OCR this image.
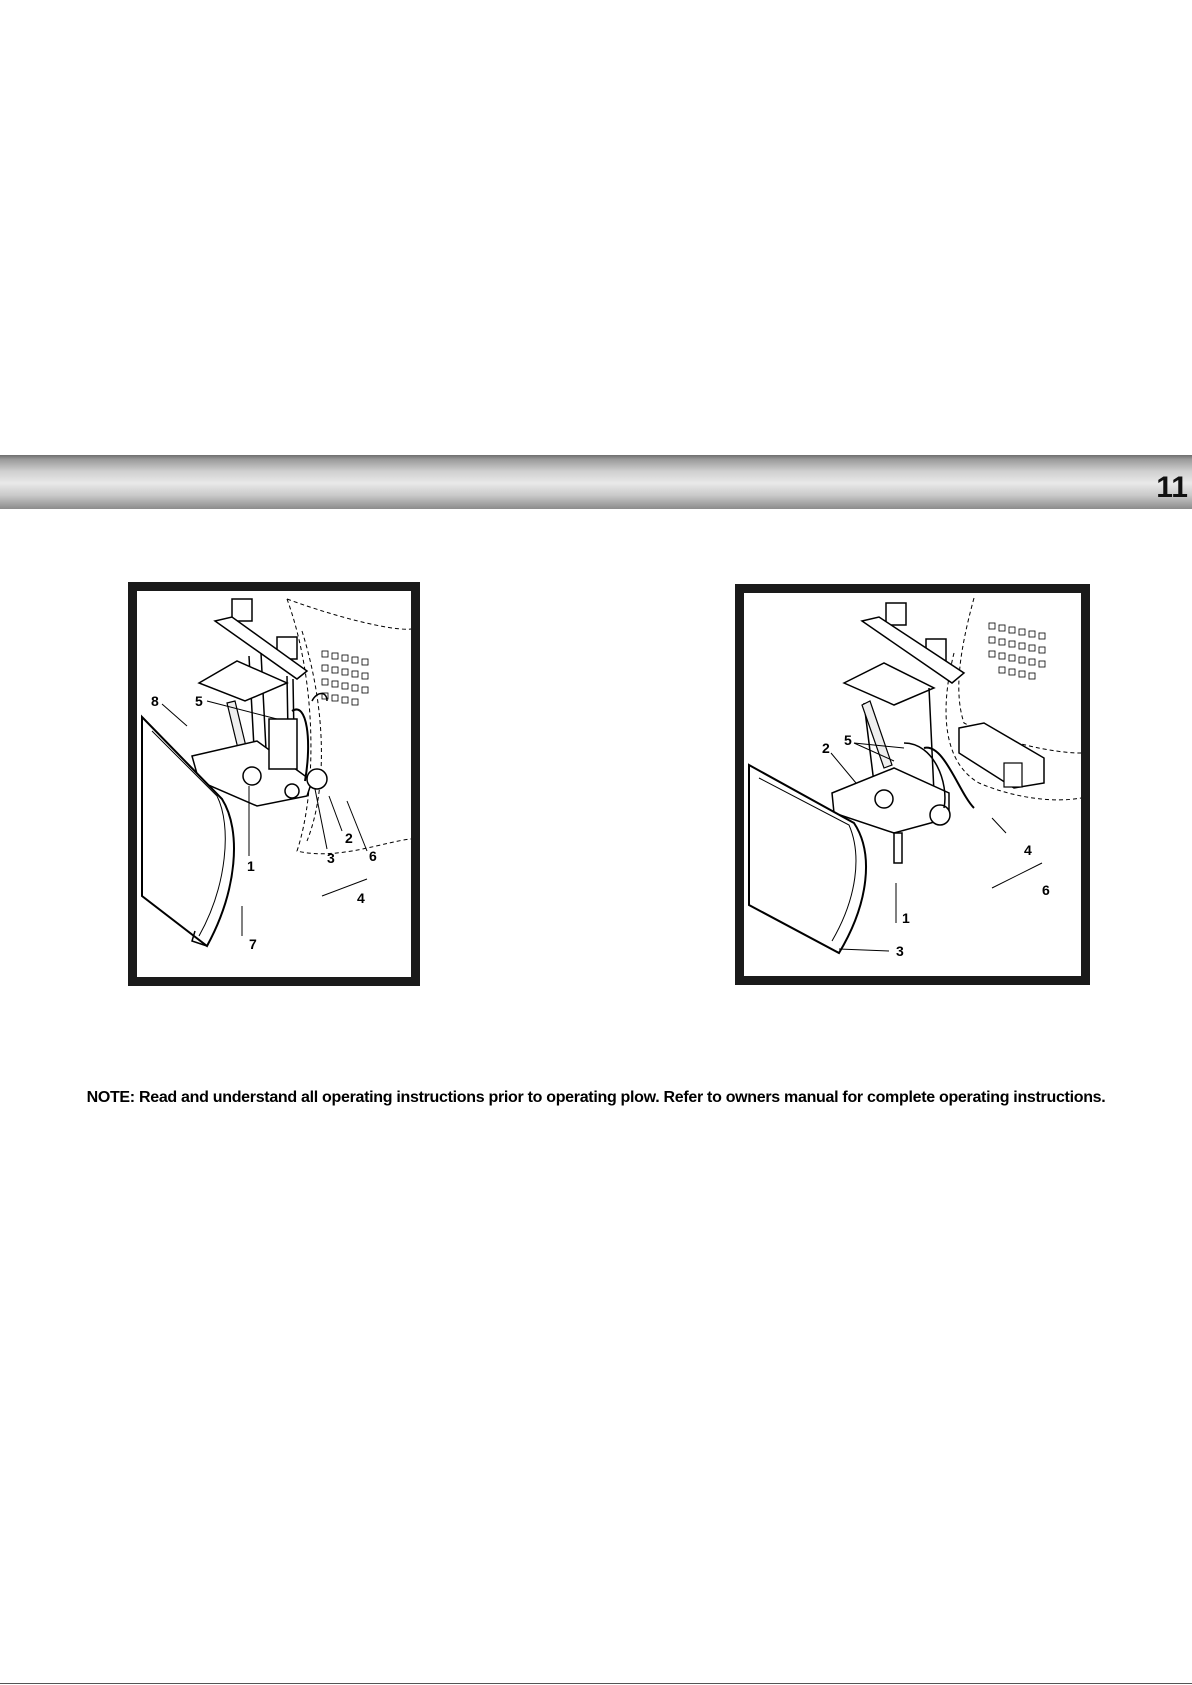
11
1
2
3
4
5
6
7
8
1
2
3
4
5
6
NOTE: Read and understand all operating instructions prior to operating plow. Refer to owners manual for complete operating instructions.
